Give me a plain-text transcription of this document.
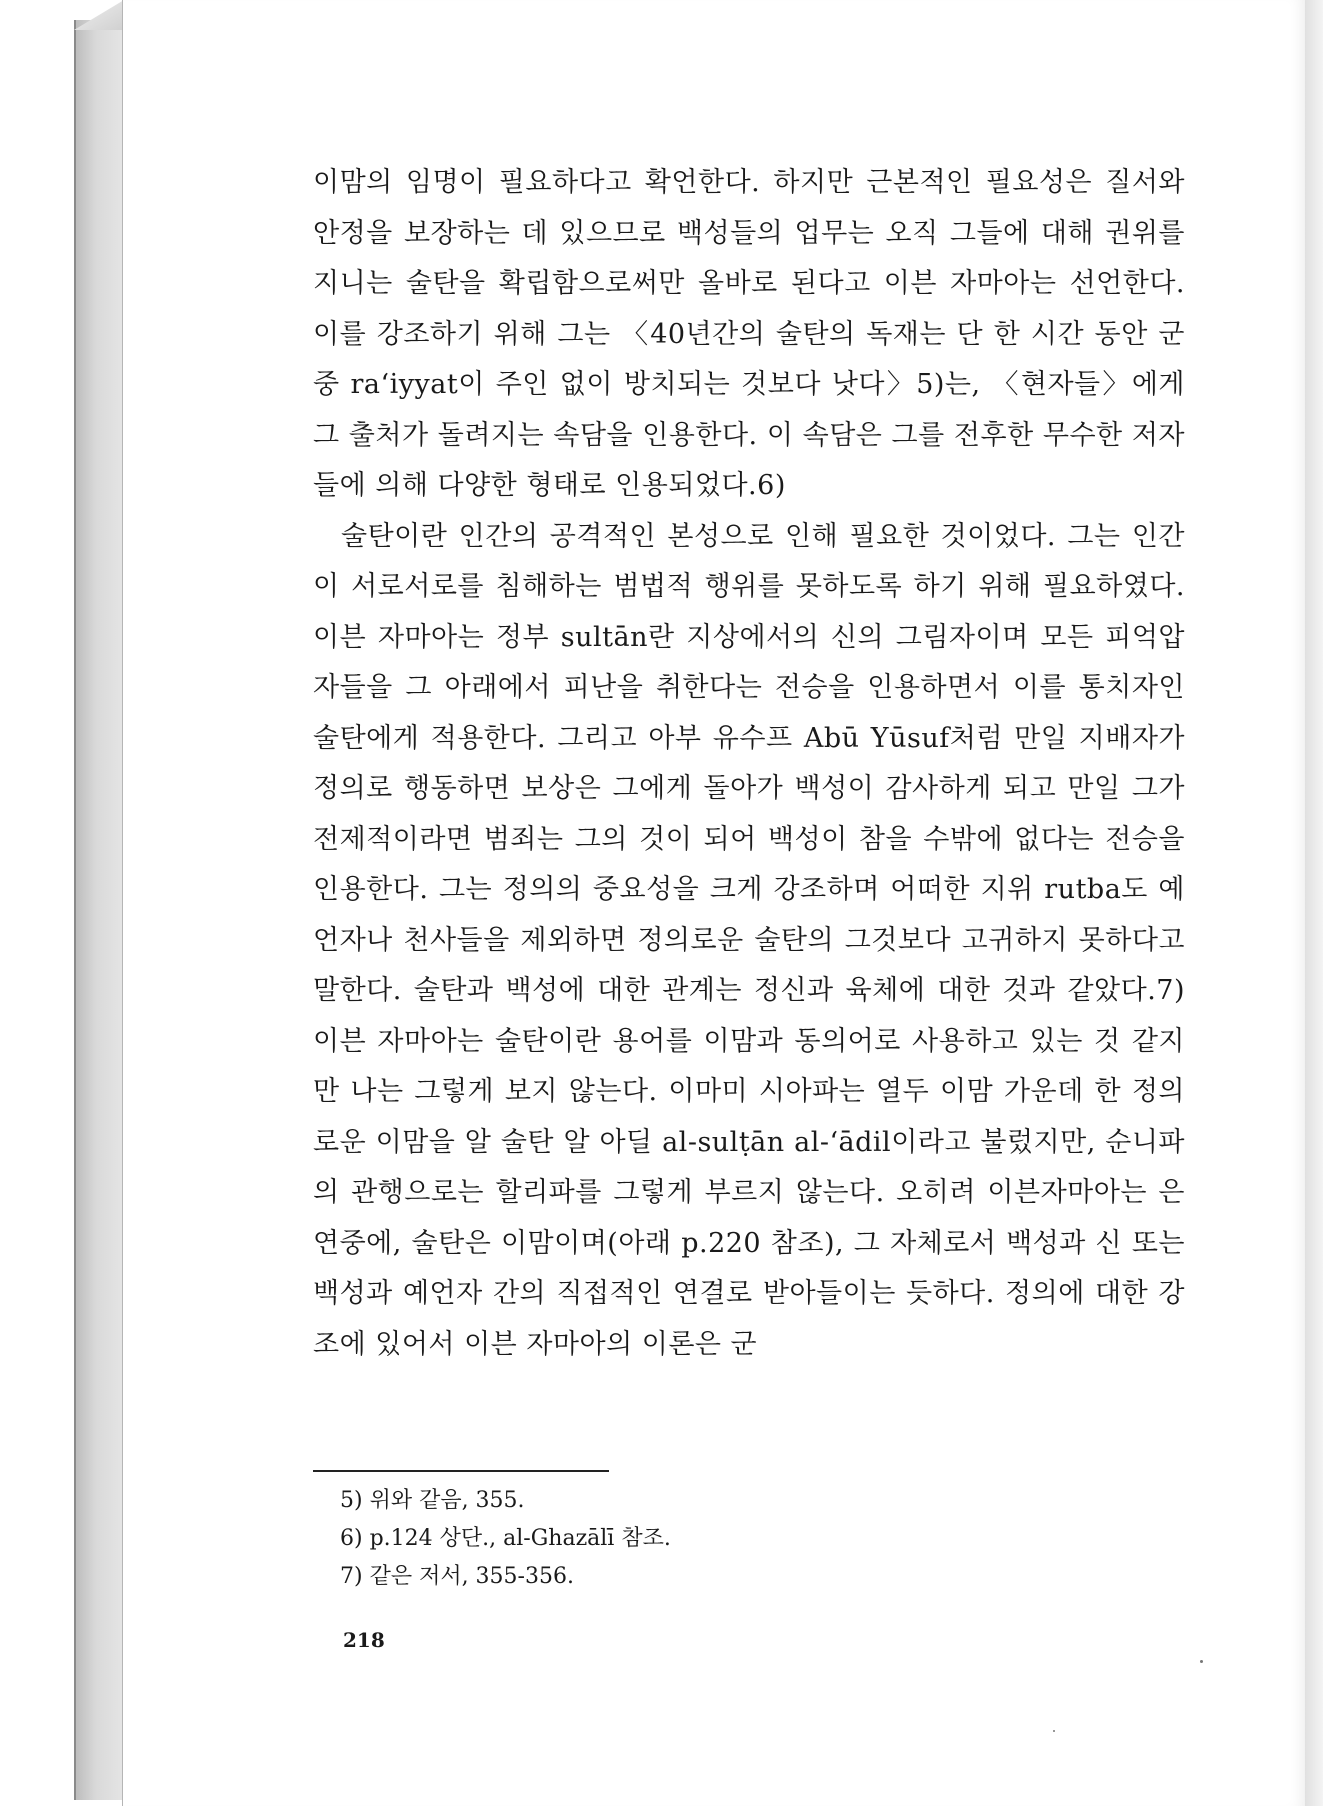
이맘의 임명이 필요하다고 확언한다. 하지만 근본적인 필요성은 질서와 안정을 보장하는 데 있으므로 백성들의 업무는 오직 그들에 대해 권위를 지니는 술탄을 확립함으로써만 올바로 된다고 이븐 자마아는 선언한다. 이를 강조하기 위해 그는 〈40년간의 술탄의 독재는 단 한 시간 동안 군중 ra‘iyyat이 주인 없이 방치되는 것보다 낫다〉5)는, 〈현자들〉에게 그 출처가 돌려지는 속담을 인용한다. 이 속담은 그를 전후한 무수한 저자들에 의해 다양한 형태로 인용되었다.6)

술탄이란 인간의 공격적인 본성으로 인해 필요한 것이었다. 그는 인간이 서로서로를 침해하는 범법적 행위를 못하도록 하기 위해 필요하였다. 이븐 자마아는 정부 sultān란 지상에서의 신의 그림자이며 모든 피억압자들을 그 아래에서 피난을 취한다는 전승을 인용하면서 이를 통치자인 술탄에게 적용한다. 그리고 아부 유수프 Abū Yūsuf처럼 만일 지배자가 정의로 행동하면 보상은 그에게 돌아가 백성이 감사하게 되고 만일 그가 전제적이라면 범죄는 그의 것이 되어 백성이 참을 수밖에 없다는 전승을 인용한다. 그는 정의의 중요성을 크게 강조하며 어떠한 지위 rutba도 예언자나 천사들을 제외하면 정의로운 술탄의 그것보다 고귀하지 못하다고 말한다. 술탄과 백성에 대한 관계는 정신과 육체에 대한 것과 같았다.7) 이븐 자마아는 술탄이란 용어를 이맘과 동의어로 사용하고 있는 것 같지만 나는 그렇게 보지 않는다. 이마미 시아파는 열두 이맘 가운데 한 정의로운 이맘을 알 술탄 알 아딜 al-sulṭān al-‘ādil이라고 불렀지만, 순니파의 관행으로는 할리파를 그렇게 부르지 않는다. 오히려 이븐자마아는 은연중에, 술탄은 이맘이며(아래 p.220 참조), 그 자체로서 백성과 신 또는 백성과 예언자 간의 직접적인 연결로 받아들이는 듯하다. 정의에 대한 강조에 있어서 이븐 자마아의 이론은 군

5) 위와 같음, 355.
6) p.124 상단., al-Ghazālī 참조.
7) 같은 저서, 355-356.
218
